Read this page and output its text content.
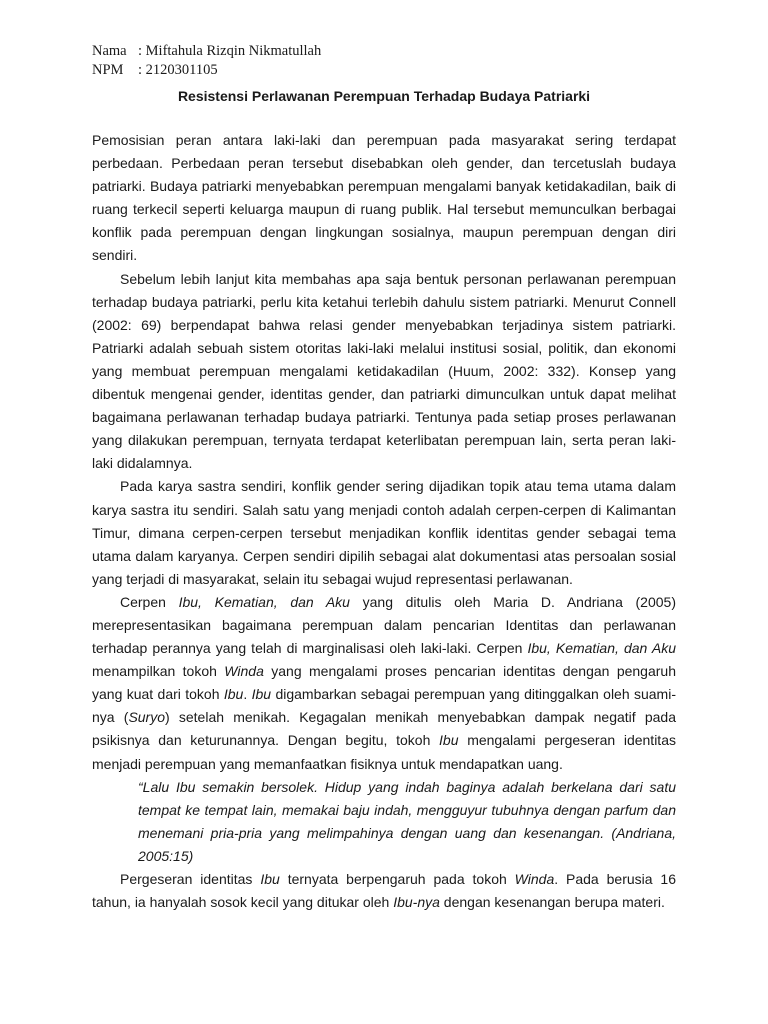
Nama : Miftahula Rizqin Nikmatullah
NPM	: 2120301105
Resistensi Perlawanan Perempuan Terhadap Budaya Patriarki

Pemosisian peran antara laki-laki dan perempuan pada masyarakat sering terdapat perbedaan. Perbedaan peran tersebut disebabkan oleh gender, dan tercetuslah budaya patriarki. Budaya patriarki menyebabkan perempuan mengalami banyak ketidakadilan, baik di ruang terkecil seperti keluarga maupun di ruang publik. Hal tersebut memunculkan berbagai konflik pada perempuan dengan lingkungan sosialnya, maupun perempuan dengan diri sendiri.

Sebelum lebih lanjut kita membahas apa saja bentuk personan perlawanan perempuan terhadap budaya patriarki, perlu kita ketahui terlebih dahulu sistem patriarki. Menurut Connell (2002: 69) berpendapat bahwa relasi gender menyebabkan terjadinya sistem patriarki. Patriarki adalah sebuah sistem otoritas laki-laki melalui institusi sosial, politik, dan ekonomi yang membuat perempuan mengalami ketidakadilan (Huum, 2002: 332). Konsep yang dibentuk mengenai gender, identitas gender, dan patriarki dimunculkan untuk dapat melihat bagaimana perlawanan terhadap budaya patriarki. Tentunya pada setiap proses perlawanan yang dilakukan perempuan, ternyata terdapat keterlibatan perempuan lain, serta peran laki-laki didalamnya.

Pada karya sastra sendiri, konflik gender sering dijadikan topik atau tema utama dalam karya sastra itu sendiri. Salah satu yang menjadi contoh adalah cerpen-cerpen di Kalimantan Timur, dimana cerpen-cerpen tersebut menjadikan konflik identitas gender sebagai tema utama dalam karyanya. Cerpen sendiri dipilih sebagai alat dokumentasi atas persoalan sosial yang terjadi di masyarakat, selain itu sebagai wujud representasi perlawanan.

Cerpen Ibu, Kematian, dan Aku yang ditulis oleh Maria D. Andriana (2005) merepresentasikan bagaimana perempuan dalam pencarian Identitas dan perlawanan terhadap perannya yang telah di marginalisasi oleh laki-laki. Cerpen Ibu, Kematian, dan Aku menampilkan tokoh Winda yang mengalami proses pencarian identitas dengan pengaruh yang kuat dari tokoh Ibu. Ibu digambarkan sebagai perempuan yang ditinggalkan oleh suami-nya (Suryo) setelah menikah. Kegagalan menikah menyebabkan dampak negatif pada psikisnya dan keturunannya. Dengan begitu, tokoh Ibu mengalami pergeseran identitas menjadi perempuan yang memanfaatkan fisiknya untuk mendapatkan uang.

“Lalu Ibu semakin bersolek. Hidup yang indah baginya adalah berkelana dari satu tempat ke tempat lain, memakai baju indah, mengguyur tubuhnya dengan parfum dan menemani pria-pria yang melimpahinya dengan uang dan kesenangan. (Andriana, 2005:15)

Pergeseran identitas Ibu ternyata berpengaruh pada tokoh Winda. Pada berusia 16 tahun, ia hanyalah sosok kecil yang ditukar oleh Ibu-nya dengan kesenangan berupa materi.
